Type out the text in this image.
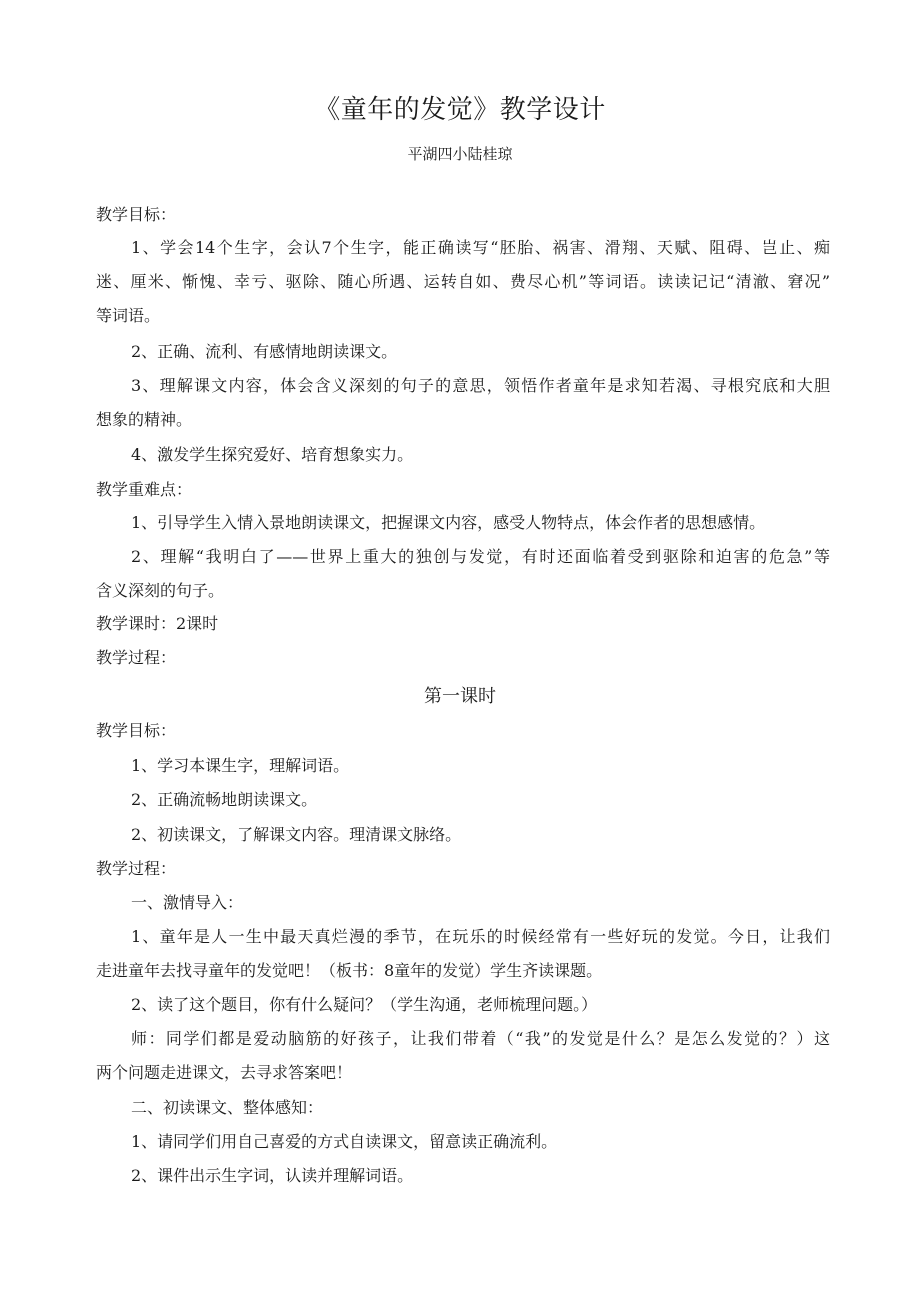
《童年的发觉》教学设计
平湖四小陆桂琼
教学目标：
1、学会14个生字，会认7个生字，能正确读写“胚胎、祸害、滑翔、天赋、阻碍、岂止、痴
迷、厘米、惭愧、幸亏、驱除、随心所遇、运转自如、费尽心机”等词语。读读记记“清澈、窘况”
等词语。
2、正确、流利、有感情地朗读课文。
3、理解课文内容，体会含义深刻的句子的意思，领悟作者童年是求知若渴、寻根究底和大胆
想象的精神。
4、激发学生探究爱好、培育想象实力。
教学重难点：
1、引导学生入情入景地朗读课文，把握课文内容，感受人物特点，体会作者的思想感情。
2、理解“我明白了——世界上重大的独创与发觉，有时还面临着受到驱除和迫害的危急”等
含义深刻的句子。
教学课时：2课时
教学过程：
第一课时
教学目标：
1、学习本课生字，理解词语。
2、正确流畅地朗读课文。
2、初读课文，了解课文内容。理清课文脉络。
教学过程：
一、激情导入：
1、童年是人一生中最天真烂漫的季节，在玩乐的时候经常有一些好玩的发觉。今日，让我们
走进童年去找寻童年的发觉吧！（板书：8童年的发觉）学生齐读课题。
2、读了这个题目，你有什么疑问？（学生沟通，老师梳理问题。）
师：同学们都是爱动脑筋的好孩子，让我们带着（“我”的发觉是什么？是怎么发觉的？）这
两个问题走进课文，去寻求答案吧！
二、初读课文、整体感知：
1、请同学们用自己喜爱的方式自读课文，留意读正确流利。
2、课件出示生字词，认读并理解词语。
